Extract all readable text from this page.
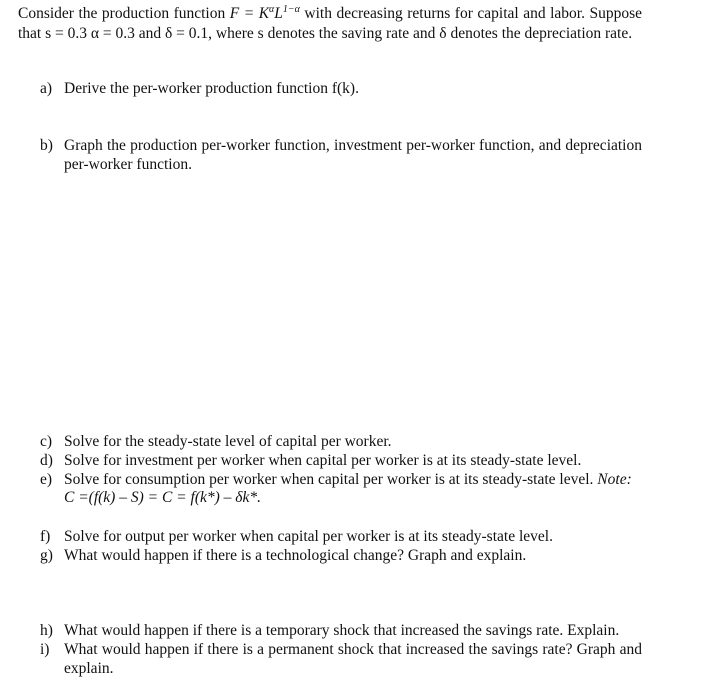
Consider the production function $F = K^\alpha L^{1-\alpha}$ with decreasing returns for capital and labor. Suppose that s = 0.3 α = 0.3 and δ = 0.1, where s denotes the saving rate and δ denotes the depreciation rate.
a) Derive the per-worker production function f(k).
b) Graph the production per-worker function, investment per-worker function, and depreciation per-worker function.
c) Solve for the steady-state level of capital per worker.
d) Solve for investment per worker when capital per worker is at its steady-state level.
e) Solve for consumption per worker when capital per worker is at its steady-state level. Note:
C =(f(k) – S) = C = f(k*) – δk*.
f) Solve for output per worker when capital per worker is at its steady-state level.
g) What would happen if there is a technological change? Graph and explain.
h) What would happen if there is a temporary shock that increased the savings rate. Explain.
i) What would happen if there is a permanent shock that increased the savings rate? Graph and explain.
